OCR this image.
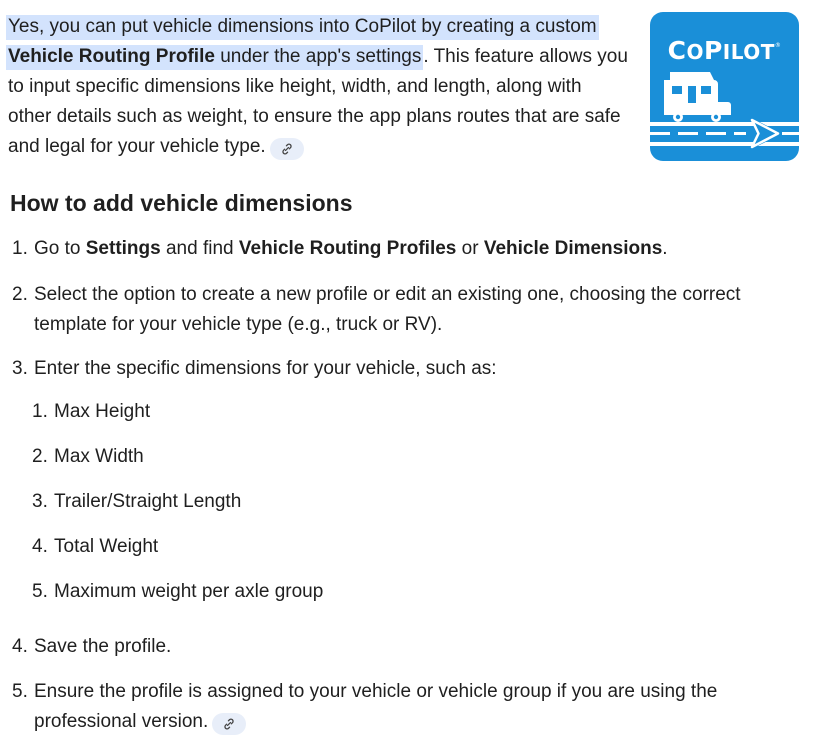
Yes, you can put vehicle dimensions into CoPilot by creating a custom Vehicle Routing Profile under the app's settings . This feature allows you to input specific dimensions like height, width, and length, along with other details such as weight, to ensure the app plans routes that are safe and legal for your vehicle type.
COPILOT®
How to add vehicle dimensions
1. Go to Settings and find Vehicle Routing Profiles or Vehicle Dimensions.
2. Select the option to create a new profile or edit an existing one, choosing the correct template for your vehicle type (e.g., truck or RV).
3. Enter the specific dimensions for your vehicle, such as:
1. Max Height
2. Max Width
3. Trailer/Straight Length
4. Total Weight
5. Maximum weight per axle group
4. Save the profile.
5. Ensure the profile is assigned to your vehicle or vehicle group if you are using the professional version.
